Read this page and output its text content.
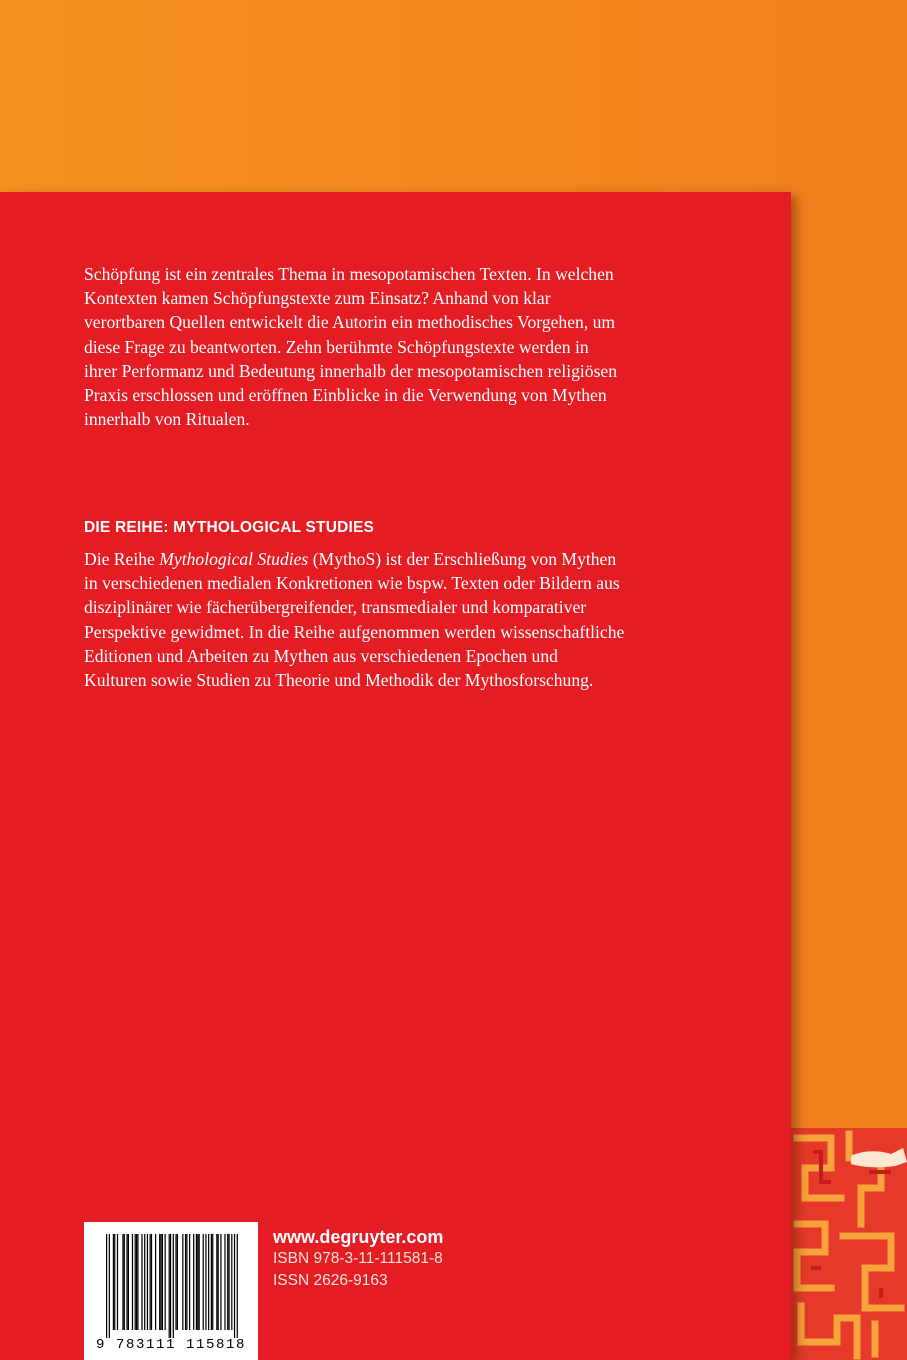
Schöpfung ist ein zentrales Thema in mesopotamischen Texten. In welchen
Kontexten kamen Schöpfungstexte zum Einsatz? Anhand von klar
verortbaren Quellen entwickelt die Autorin ein methodisches Vorgehen, um
diese Frage zu beantworten. Zehn berühmte Schöpfungstexte werden in
ihrer Performanz und Bedeutung innerhalb der mesopotamischen religiösen
Praxis erschlossen und eröffnen Einblicke in die Verwendung von Mythen
innerhalb von Ritualen.

DIE REIHE: MYTHOLOGICAL STUDIES

Die Reihe Mythological Studies (MythoS) ist der Erschließung von Mythen
in verschiedenen medialen Konkretionen wie bspw. Texten oder Bildern aus
disziplinärer wie fächerübergreifender, transmedialer und komparativer
Perspektive gewidmet. In die Reihe aufgenommen werden wissenschaftliche
Editionen und Arbeiten zu Mythen aus verschiedenen Epochen und
Kulturen sowie Studien zu Theorie und Methodik der Mythosforschung.

9 783111 115818
www.degruyter.com
ISBN 978-3-11-111581-8
ISSN 2626-9163
